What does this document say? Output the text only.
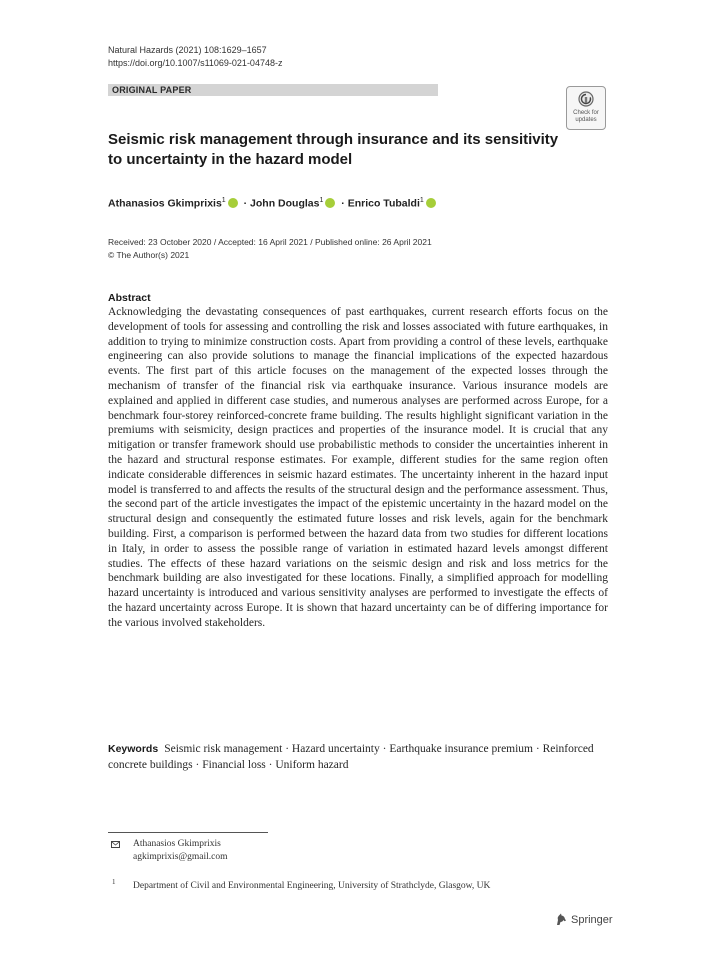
Natural Hazards (2021) 108:1629–1657
https://doi.org/10.1007/s11069-021-04748-z
ORIGINAL PAPER
Check for
updates
Seismic risk management through insurance and its sensitivity to uncertainty in the hazard model
Athanasios Gkimprixis$^1$ · John Douglas$^1$ · Enrico Tubaldi$^1$
Received: 23 October 2020 / Accepted: 16 April 2021 / Published online: 26 April 2021
© The Author(s) 2021
Abstract
Acknowledging the devastating consequences of past earthquakes, current research efforts focus on the development of tools for assessing and controlling the risk and losses associated with future earthquakes, in addition to trying to minimize construction costs. Apart from providing a control of these levels, earthquake engineering can also provide solutions to manage the financial implications of the expected hazardous events. The first part of this article focuses on the management of the expected losses through the mechanism of transfer of the financial risk via earthquake insurance. Various insurance models are explained and applied in different case studies, and numerous analyses are performed across Europe, for a benchmark four-storey reinforced-concrete frame building. The results highlight significant variation in the premiums with seismicity, design practices and properties of the insurance model. It is crucial that any mitigation or transfer framework should use probabilistic methods to consider the uncertainties inherent in the hazard and structural response estimates. For example, different studies for the same region often indicate considerable differences in seismic hazard estimates. The uncertainty inherent in the hazard input model is transferred to and affects the results of the structural design and the performance assessment. Thus, the second part of the article investigates the impact of the epistemic uncertainty in the hazard model on the structural design and consequently the estimated future losses and risk levels, again for the benchmark building. First, a comparison is performed between the hazard data from two studies for different locations in Italy, in order to assess the possible range of variation in estimated hazard levels amongst different studies. The effects of these hazard variations on the seismic design and risk and loss metrics for the benchmark building are also investigated for these locations. Finally, a simplified approach for modelling hazard uncertainty is introduced and various sensitivity analyses are performed to investigate the effects of the hazard uncertainty across Europe. It is shown that hazard uncertainty can be of differing importance for the various involved stakeholders.
Keywords Seismic risk management · Hazard uncertainty · Earthquake insurance premium · Reinforced concrete buildings · Financial loss · Uniform hazard
Athanasios Gkimprixis
agkimprixis@gmail.com
1 Department of Civil and Environmental Engineering, University of Strathclyde, Glasgow, UK
Springer
